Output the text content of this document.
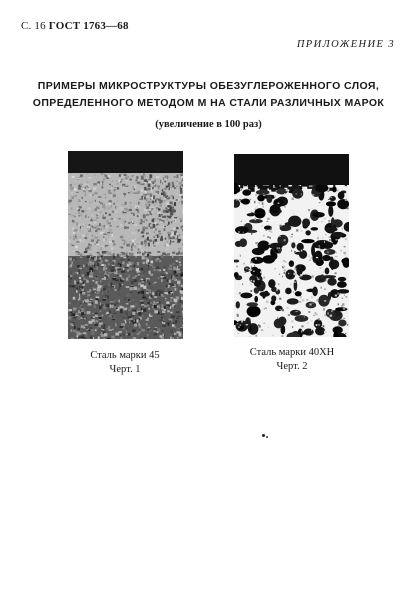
С. 16 ГОСТ 1763—68
ПРИЛОЖЕНИЕ 3
ПРИМЕРЫ МИКРОСТРУКТУРЫ ОБЕЗУГЛЕРОЖЕННОГО СЛОЯ,
ОПРЕДЕЛЕННОГО МЕТОДОМ М НА СТАЛИ РАЗЛИЧНЫХ МАРОК
(увеличение в 100 раз)
Сталь марки 45
Черт. 1
Сталь марки 40ХН
Черт. 2
